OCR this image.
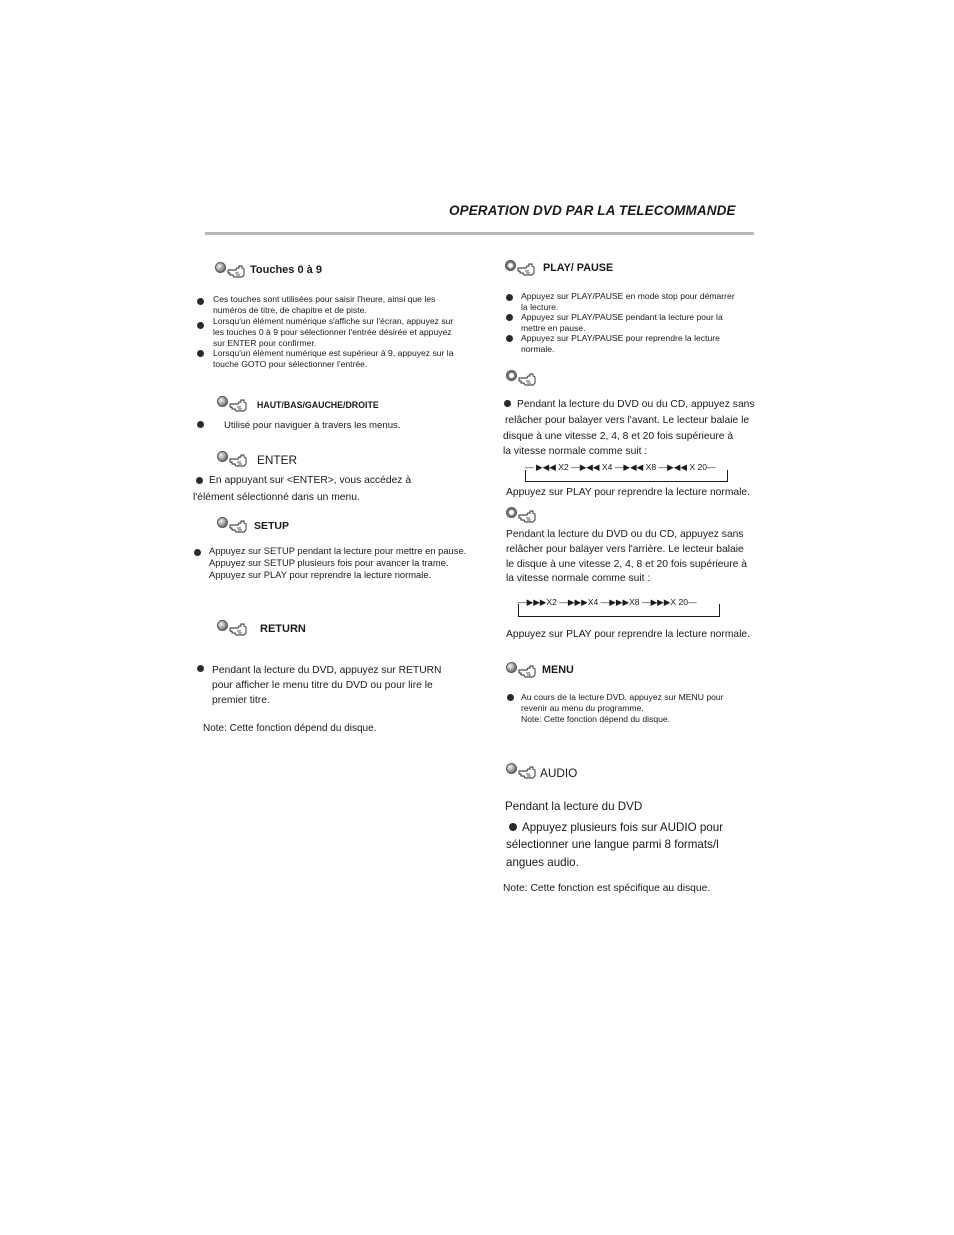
OPERATION DVD PAR LA TELECOMMANDE
Touches 0 à 9
Ces touches sont utilisées pour saisir l'heure, ainsi que les
numéros de titre, de chapitre et de piste.
Lorsqu'un élément numérique s'affiche sur l'écran, appuyez sur
les touches 0 à 9 pour sélectionner l'entrée désirée et appuyez
sur ENTER pour confirmer.
Lorsqu'un élément numérique est supérieur à 9, appuyez sur la
touche GOTO pour sélectionner l'entrée.
HAUT/BAS/GAUCHE/DROITE
Utilisé pour naviguer à travers les menus.
ENTER
En appuyant sur <ENTER>, vous accédez à
l'élément sélectionné dans un menu.
SETUP
Appuyez sur SETUP pendant la lecture pour mettre en pause.
Appuyez sur SETUP plusieurs fois pour avancer la trame.
Appuyez sur PLAY pour reprendre la lecture normale.
RETURN
Pendant la lecture du DVD, appuyez sur RETURN
pour afficher le menu titre du DVD ou pour lire le
premier titre.
Note: Cette fonction dépend du disque.
PLAY/ PAUSE
Appuyez sur PLAY/PAUSE en mode stop pour démarrer
la lecture.
Appuyez sur PLAY/PAUSE pendant la lecture pour la
mettre en pause.
Appuyez sur PLAY/PAUSE pour reprendre la lecture
normale.
Pendant la lecture du DVD ou du CD, appuyez sans
relâcher pour balayer vers l'avant. Le lecteur balaie le
disque à une vitesse 2, 4, 8 et 20 fois supérieure à
la vitesse normale comme suit :
— ▶◀◀ X2 —▶◀◀ X4 —▶◀◀ X8 —▶◀◀ X 20—
Appuyez sur PLAY pour reprendre la lecture normale.
Pendant la lecture du DVD ou du CD, appuyez sans
relâcher pour balayer vers l'arrière. Le lecteur balaie
le disque à une vitesse 2, 4, 8 et 20 fois supérieure à
la vitesse normale comme suit :
—▶▶▶X2 —▶▶▶X4 —▶▶▶X8 —▶▶▶X 20—
Appuyez sur PLAY pour reprendre la lecture normale.
MENU
Au cours de la lecture DVD, appuyez sur MENU pour
revenir au menu du programme.
Note: Cette fonction dépend du disque.
AUDIO
Pendant la lecture du DVD
Appuyez plusieurs fois sur AUDIO pour
sélectionner une langue parmi 8 formats/l
angues audio.
Note: Cette fonction est spécifique au disque.
